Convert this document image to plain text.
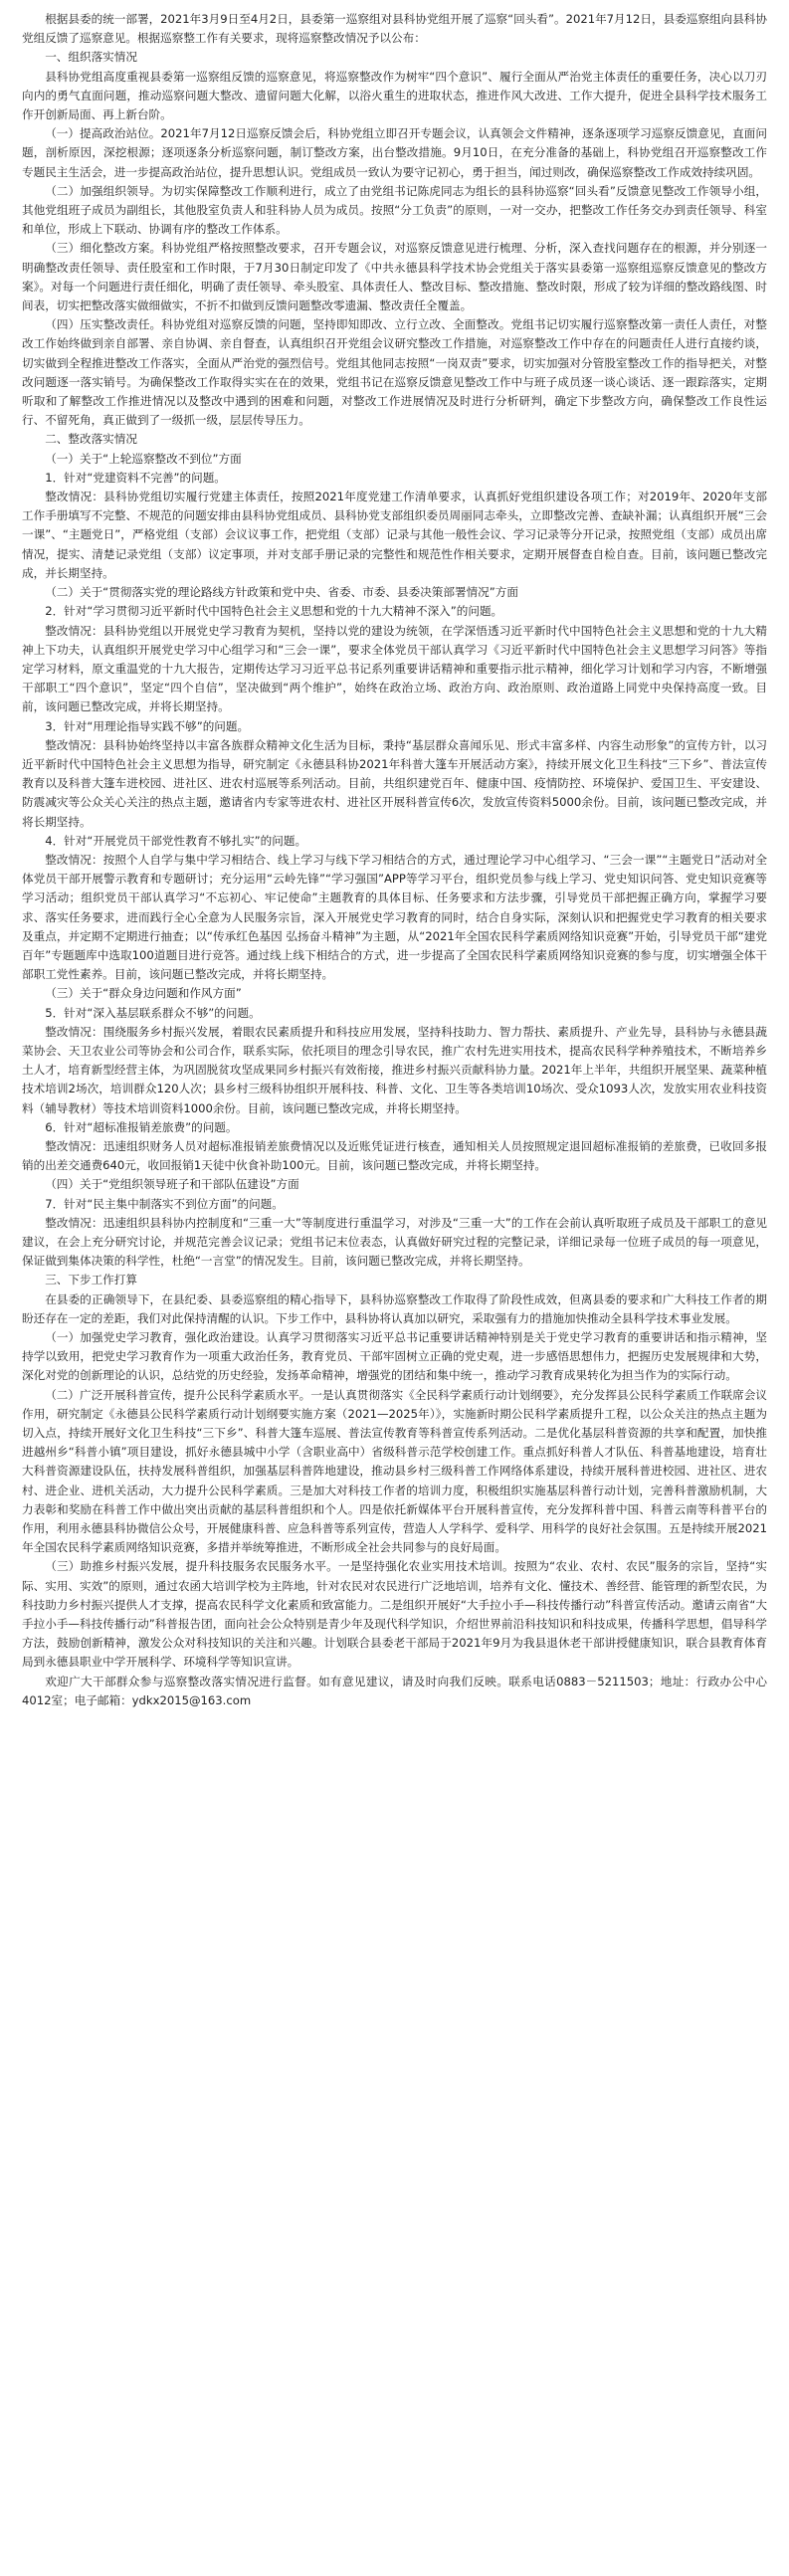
根据县委的统一部署，2021年3月9日至4月2日，县委第一巡察组对县科协党组开展了巡察“回头看”。2021年7月12日，县委巡察组向县科协党组反馈了巡察意见。根据巡察整工作有关要求，现将巡察整改情况予以公布：

一、组织落实情况

县科协党组高度重视县委第一巡察组反馈的巡察意见，将巡察整改作为树牢“四个意识”、履行全面从严治党主体责任的重要任务，决心以刀刃向内的勇气直面问题，推动巡察问题大整改、遗留问题大化解，以浴火重生的进取状态，推进作风大改进、工作大提升，促进全县科学技术服务工作开创新局面、再上新台阶。

（一）提高政治站位。2021年7月12日巡察反馈会后，科协党组立即召开专题会议，认真领会文件精神，逐条逐项学习巡察反馈意见，直面问题，剖析原因，深挖根源；逐项逐条分析巡察问题，制订整改方案，出台整改措施。9月10日，在充分准备的基础上，科协党组召开巡察整改工作专题民主生活会，进一步提高政治站位，提升思想认识。党组成员一致认为要守记初心，勇于担当，闻过则改，确保巡察整改工作成效持续巩固。

（二）加强组织领导。为切实保障整改工作顺利进行，成立了由党组书记陈虎同志为组长的县科协巡察“回头看”反馈意见整改工作领导小组，其他党组班子成员为副组长，其他股室负责人和驻科协人员为成员。按照“分工负责”的原则，一对一交办，把整改工作任务交办到责任领导、科室和单位，形成上下联动、协调有序的整改工作体系。

（三）细化整改方案。科协党组严格按照整改要求，召开专题会议，对巡察反馈意见进行梳理、分析，深入查找问题存在的根源，并分别逐一明确整改责任领导、责任股室和工作时限，于7月30日制定印发了《中共永德县科学技术协会党组关于落实县委第一巡察组巡察反馈意见的整改方案》。对每一个问题进行责任细化，明确了责任领导、牵头股室、具体责任人、整改目标、整改措施、整改时限，形成了较为详细的整改路线图、时间表，切实把整改落实做细做实，不折不扣做到反馈问题整改零遗漏、整改责任全覆盖。

（四）压实整改责任。科协党组对巡察反馈的问题，坚持即知即改、立行立改、全面整改。党组书记切实履行巡察整改第一责任人责任，对整改工作始终做到亲自部署、亲自协调、亲自督查，认真组织召开党组会议研究整改工作措施，对巡察整改工作中存在的问题责任人进行直接约谈，切实做到全程推进整改工作落实，全面从严治党的强烈信号。党组其他同志按照“一岗双责”要求，切实加强对分管股室整改工作的指导把关，对整改问题逐一落实销号。为确保整改工作取得实实在在的效果，党组书记在巡察反馈意见整改工作中与班子成员逐一谈心谈话、逐一跟踪落实，定期听取和了解整改工作推进情况以及整改中遇到的困难和问题，对整改工作进展情况及时进行分析研判，确定下步整改方向，确保整改工作良性运行、不留死角，真正做到了一级抓一级，层层传导压力。

二、整改落实情况

（一）关于“上轮巡察整改不到位”方面

1．针对“党建资料不完善”的问题。

整改情况：县科协党组切实履行党建主体责任，按照2021年度党建工作清单要求，认真抓好党组织建设各项工作；对2019年、2020年支部工作手册填写不完整、不规范的问题安排由县科协党组成员、县科协党支部组织委员周丽同志牵头，立即整改完善、查缺补漏；认真组织开展“三会一课”、“主题党日”，严格党组（支部）会议议事工作，把党组（支部）记录与其他一般性会议、学习记录等分开记录，按照党组（支部）成员出席情况，提实、清楚记录党组（支部）议定事项，并对支部手册记录的完整性和规范性作相关要求，定期开展督查自检自查。目前，该问题已整改完成，并长期坚持。

（二）关于“贯彻落实党的理论路线方针政策和党中央、省委、市委、县委决策部署情况”方面

2．针对“学习贯彻习近平新时代中国特色社会主义思想和党的十九大精神不深入”的问题。

整改情况：县科协党组以开展党史学习教育为契机，坚持以党的建设为统领，在学深悟透习近平新时代中国特色社会主义思想和党的十九大精神上下功夫，认真组织开展党史学习中心组学习和“三会一课”，要求全体党员干部认真学习《习近平新时代中国特色社会主义思想学习问答》等指定学习材料，原文重温党的十九大报告，定期传达学习习近平总书记系列重要讲话精神和重要指示批示精神，细化学习计划和学习内容，不断增强干部职工“四个意识”，坚定“四个自信”，坚决做到“两个维护”，始终在政治立场、政治方向、政治原则、政治道路上同党中央保持高度一致。目前，该问题已整改完成，并将长期坚持。

3．针对“用理论指导实践不够”的问题。

整改情况：县科协始终坚持以丰富各族群众精神文化生活为目标，秉持“基层群众喜闻乐见、形式丰富多样、内容生动形象”的宣传方针，以习近平新时代中国特色社会主义思想为指导，研究制定《永德县科协2021年科普大篷车开展活动方案》，持续开展文化卫生科技“三下乡”、普法宣传教育以及科普大篷车进校园、进社区、进农村巡展等系列活动。目前，共组织建党百年、健康中国、疫情防控、环境保护、爱国卫生、平安建设、防震减灾等公众关心关注的热点主题，邀请省内专家等进农村、进社区开展科普宣传6次，发放宣传资料5000余份。目前，该问题已整改完成，并将长期坚持。

4．针对“开展党员干部党性教育不够扎实”的问题。

整改情况：按照个人自学与集中学习相结合、线上学习与线下学习相结合的方式，通过理论学习中心组学习、“三会一课”“主题党日”活动对全体党员干部开展警示教育和专题研讨；充分运用“云岭先锋”“学习强国”APP等学习平台，组织党员参与线上学习、党史知识问答、党史知识竞赛等学习活动；组织党员干部认真学习“不忘初心、牢记使命”主题教育的具体目标、任务要求和方法步骤，引导党员干部把握正确方向，掌握学习要求、落实任务要求，进而践行全心全意为人民服务宗旨，深入开展党史学习教育的同时，结合自身实际，深刻认识和把握党史学习教育的相关要求及重点，并定期不定期进行抽查；以“传承红色基因 弘扬奋斗精神”为主题，从“2021年全国农民科学素质网络知识竞赛”开始，引导党员干部“建党百年”专题题库中选取100道题目进行竞答。通过线上线下相结合的方式，进一步提高了全国农民科学素质网络知识竞赛的参与度，切实增强全体干部职工党性素养。目前，该问题已整改完成，并将长期坚持。

（三）关于“群众身边问题和作风方面”

5．针对“深入基层联系群众不够”的问题。

整改情况：围绕服务乡村振兴发展，着眼农民素质提升和科技应用发展，坚持科技助力、智力帮扶、素质提升、产业先导，县科协与永德县蔬菜协会、天卫农业公司等协会和公司合作，联系实际，依托项目的理念引导农民，推广农村先进实用技术，提高农民科学种养殖技术，不断培养乡土人才，培育新型经营主体，为巩固脱贫攻坚成果同乡村振兴有效衔接，推进乡村振兴贡献科协力量。2021年上半年，共组织开展坚果、蔬菜种植技术培训2场次，培训群众120人次；县乡村三级科协组织开展科技、科普、文化、卫生等各类培训10场次、受众1093人次，发放实用农业科技资料（辅导教材）等技术培训资料1000余份。目前，该问题已整改完成，并将长期坚持。

6．针对“超标准报销差旅费”的问题。

整改情况：迅速组织财务人员对超标准报销差旅费情况以及近账凭证进行核查，通知相关人员按照规定退回超标准报销的差旅费，已收回多报销的出差交通费640元，收回报销1天徒中伙食补助100元。目前，该问题已整改完成，并将长期坚持。

（四）关于“党组织领导班子和干部队伍建设”方面

7．针对“民主集中制落实不到位方面”的问题。

整改情况：迅速组织县科协内控制度和“三重一大”等制度进行重温学习，对涉及“三重一大”的工作在会前认真听取班子成员及干部职工的意见建议，在会上充分研究讨论，并规范完善会议记录；党组书记末位表态，认真做好研究过程的完整记录，详细记录每一位班子成员的每一项意见，保证做到集体决策的科学性，杜绝“一言堂”的情况发生。目前，该问题已整改完成，并将长期坚持。

三、下步工作打算

在县委的正确领导下，在县纪委、县委巡察组的精心指导下，县科协巡察整改工作取得了阶段性成效，但离县委的要求和广大科技工作者的期盼还存在一定的差距，我们对此保持清醒的认识。下步工作中，县科协将认真加以研究，采取强有力的措施加快推动全县科学技术事业发展。

（一）加强党史学习教育，强化政治建设。认真学习贯彻落实习近平总书记重要讲话精神特别是关于党史学习教育的重要讲话和指示精神，坚持学以致用，把党史学习教育作为一项重大政治任务，教育党员、干部牢固树立正确的党史观，进一步感悟思想伟力，把握历史发展规律和大势，深化对党的创新理论的认识，总结党的历史经验，发扬革命精神，增强党的团结和集中统一，推动学习教育成果转化为担当作为的实际行动。

（二）广泛开展科普宣传，提升公民科学素质水平。一是认真贯彻落实《全民科学素质行动计划纲要》，充分发挥县公民科学素质工作联席会议作用，研究制定《永德县公民科学素质行动计划纲要实施方案（2021—2025年）》，实施新时期公民科学素质提升工程，以公众关注的热点主题为切入点，持续开展好文化卫生科技“三下乡”、科普大篷车巡展、普法宣传教育等科普宣传系列活动。二是优化基层科普资源的共享和配置，加快推进越州乡“科普小镇”项目建设，抓好永德县城中小学（含职业高中）省级科普示范学校创建工作。重点抓好科普人才队伍、科普基地建设，培育壮大科普资源建设队伍，扶持发展科普组织，加强基层科普阵地建设，推动县乡村三级科普工作网络体系建设，持续开展科普进校园、进社区、进农村、进企业、进机关活动，大力提升公民科学素质。三是加大对科技工作者的培训力度，积极组织实施基层科普行动计划，完善科普激励机制，大力表彰和奖励在科普工作中做出突出贡献的基层科普组织和个人。四是依托新媒体平台开展科普宣传，充分发挥科普中国、科普云南等科普平台的作用，利用永德县科协微信公众号，开展健康科普、应急科普等系列宣传，营造人人学科学、爱科学、用科学的良好社会氛围。五是持续开展2021年全国农民科学素质网络知识竞赛，多措并举统筹推进，不断形成全社会共同参与的良好局面。

（三）助推乡村振兴发展，提升科技服务农民服务水平。一是坚持强化农业实用技术培训。按照为“农业、农村、农民”服务的宗旨，坚持“实际、实用、实效”的原则，通过农函大培训学校为主阵地，针对农民对农民进行广泛地培训，培养有文化、懂技术、善经营、能管理的新型农民，为科技助力乡村振兴提供人才支撑，提高农民科学文化素质和致富能力。二是组织开展好“大手拉小手—科技传播行动”科普宣传活动。邀请云南省“大手拉小手—科技传播行动”科普报告团，面向社会公众特别是青少年及现代科学知识，介绍世界前沿科技知识和科技成果，传播科学思想，倡导科学方法，鼓励创新精神，激发公众对科技知识的关注和兴趣。计划联合县委老干部局于2021年9月为我县退休老干部讲授健康知识，联合县教育体育局到永德县职业中学开展科学、环境科学等知识宣讲。

欢迎广大干部群众参与巡察整改落实情况进行监督。如有意见建议，请及时向我们反映。联系电话0883－5211503；地址：行政办公中心4012室；电子邮箱：ydkx2015@163.com
